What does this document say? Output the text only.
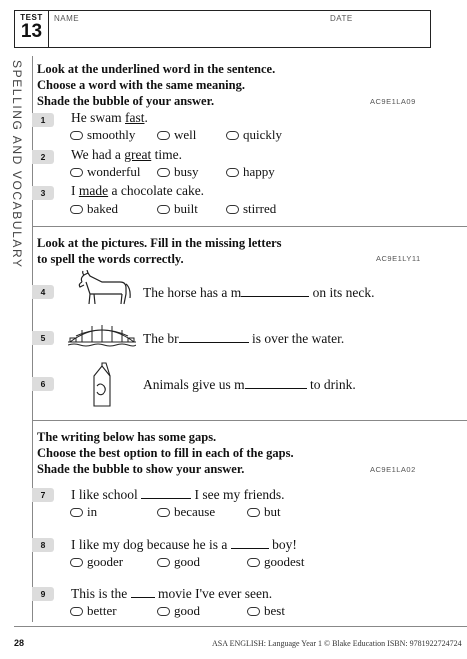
TEST
13
NAME	DATE
SPELLING AND VOCABULARY Look at the underlined word in the sentence.
Choose a word with the same meaning.
Shade the bubble of your answer.	AC9E1LA09
1	He swam fast.
smoothly	well	quickly
2	We had a great time.
wonderful	busy	happy
3	I made a chocolate cake.
baked	built	stirred
Look at the pictures. Fill in the missing letters
to spell the words correctly.	AC9E1LY11
4	The horse has a m	on its neck.
5	The br	is over the water.
6	Animals give us m	to drink.
The writing below has some gaps.
Choose the best option to fill in each of the gaps.
Shade the bubble to show your answer.	AC9E1LA02
7	I like school	I see my friends.
in	because	but
8	I like my dog because he is a	boy!
gooder	good	goodest
9	This is the  movie I've ever seen.
better	good	best
28	ASA ENGLISH: Language Year 1 © Blake Education ISBN: 9781922724724
